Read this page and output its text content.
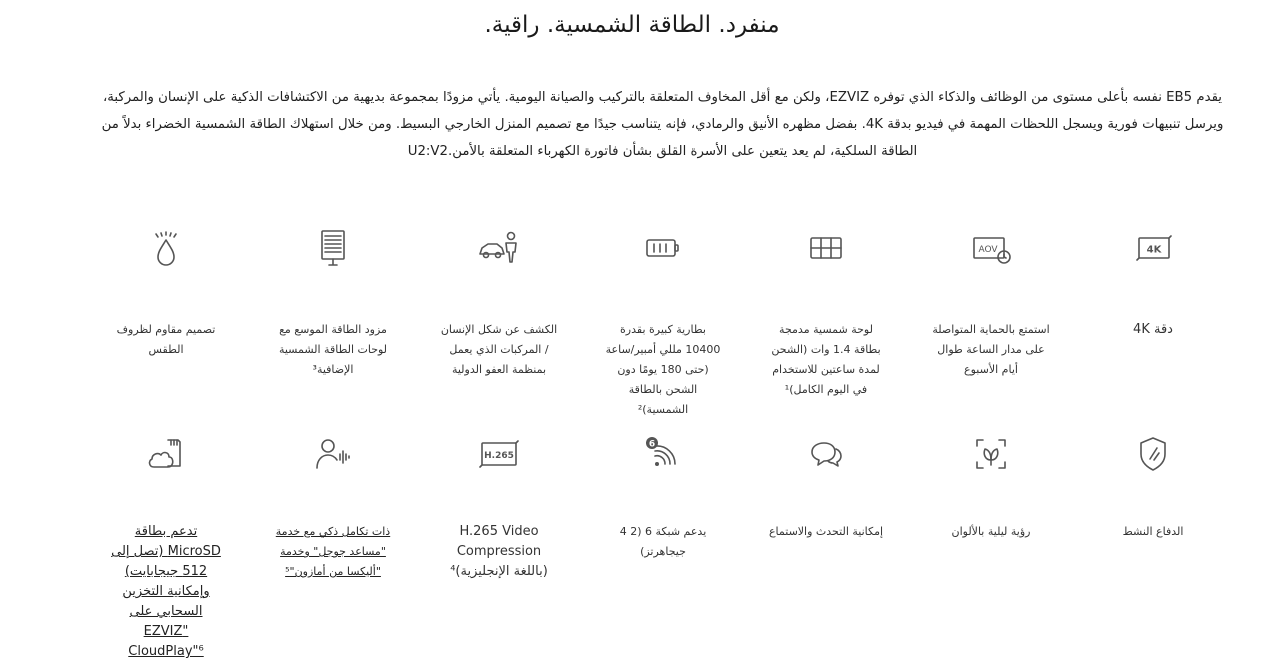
منفرد. الطاقة الشمسية. راقية.

يقدم EB5 نفسه بأعلى مستوى من الوظائف والذكاء الذي توفره EZVIZ، ولكن مع أقل المخاوف المتعلقة بالتركيب والصيانة اليومية. يأتي مزودًا بمجموعة بديهية من الاكتشافات الذكية على الإنسان والمركبة، ويرسل تنبيهات فورية ويسجل اللحظات المهمة في فيديو بدقة 4K. بفضل مظهره الأنيق والرمادي، فإنه يتناسب جيدًا مع تصميم المنزل الخارجي البسيط. ومن خلال استهلاك الطاقة الشمسية الخضراء بدلاً من الطاقة السلكية، لم يعد يتعين على الأسرة القلق بشأن فاتورة الكهرباء المتعلقة بالأمن.U2:V2

4K
دقة 4K
AOV
استمتع بالحماية المتواصلة على مدار الساعة طوال أيام الأسبوع
لوحة شمسية مدمجة بطاقة 1.4 وات (الشحن لمدة ساعتين للاستخدام في اليوم الكامل)¹
بطارية كبيرة بقدرة 10400 مللي أمبير/ساعة (حتى 180 يومًا دون الشحن بالطاقة الشمسية)²
الكشف عن شكل الإنسان / المركبات الذي يعمل بمنظمة العفو الدولية
مزود الطاقة الموسع مع لوحات الطاقة الشمسية الإضافية³
تصميم مقاوم لظروف الطقس
الدفاع النشط
رؤية ليلية بالألوان
إمكانية التحدث والاستماع
6
يدعم شبكة 6 (2 4 جيجاهرتز)
H.265
H.265 Video Compression (باللغة الإنجليزية)⁴
ذات تكامل ذكي مع خدمة "مساعد جوجل" وخدمة "أليكسا من أمازون"⁵
تدعم بطاقة MicroSD (تصل إلى 512 جيجابايت) وإمكانية التخزين السحابي على "EZVIZ CloudPlay"⁶
